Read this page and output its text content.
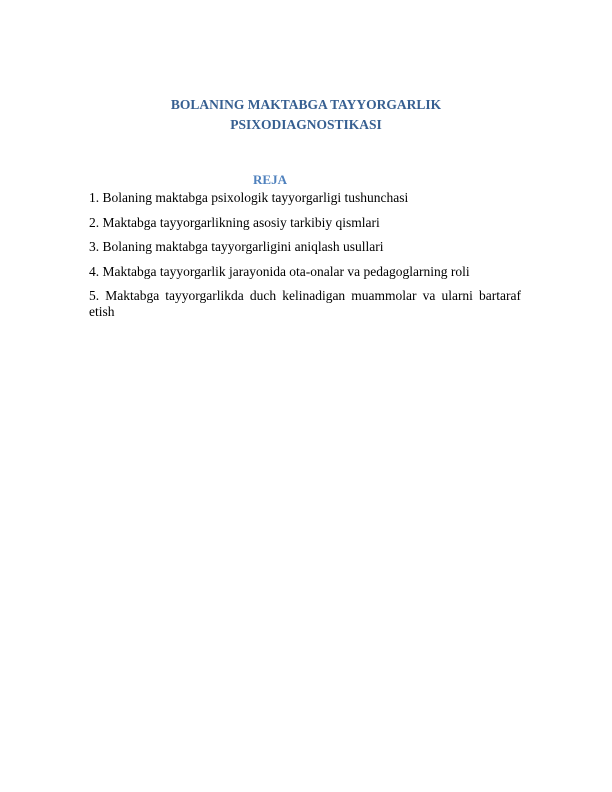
BOLANING MAKTABGA TAYYORGARLIK
PSIXODIAGNOSTIKASI
REJA
1. Bolaning maktabga psixologik tayyorgarligi tushunchasi
2. Maktabga tayyorgarlikning asosiy tarkibiy qismlari
3. Bolaning maktabga tayyorgarligini aniqlash usullari
4. Maktabga tayyorgarlik jarayonida ota-onalar va pedagoglarning roli
5. Maktabga tayyorgarlikda duch kelinadigan muammolar va ularni bartaraf etish
